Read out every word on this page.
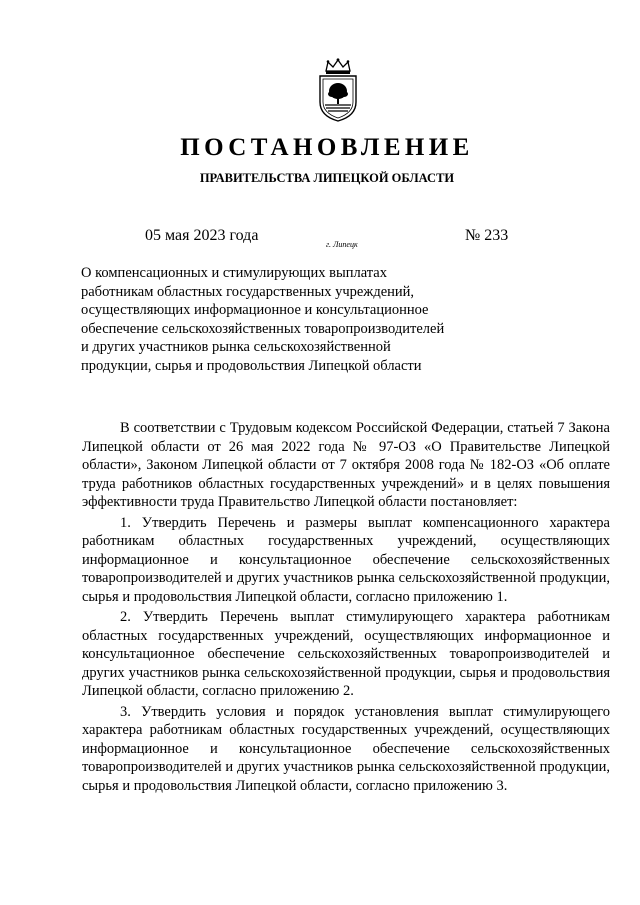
ПОСТАНОВЛЕНИЕ
ПРАВИТЕЛЬСТВА ЛИПЕЦКОЙ ОБЛАСТИ
05 мая 2023 года
г. Липецк
№ 233
О компенсационных и стимулирующих выплатах
работникам областных государственных учреждений,
осуществляющих информационное и консультационное
обеспечение сельскохозяйственных товаропроизводителей
и других участников рынка сельскохозяйственной
продукции, сырья и продовольствия Липецкой области

В соответствии с Трудовым кодексом Российской Федерации, статьей 7 Закона Липецкой области от 26 мая 2022 года № 97-ОЗ «О Правительстве Липецкой области», Законом Липецкой области от 7 октября 2008 года № 182-ОЗ «Об оплате труда работников областных государственных учреждений» и в целях повышения эффективности труда Правительство Липецкой области постановляет:

1. Утвердить Перечень и размеры выплат компенсационного характера работникам областных государственных учреждений, осуществляющих информационное и консультационное обеспечение сельскохозяйственных товаропроизводителей и других участников рынка сельскохозяйственной продукции, сырья и продовольствия Липецкой области, согласно приложению 1.

2. Утвердить Перечень выплат стимулирующего характера работникам областных государственных учреждений, осуществляющих информационное и консультационное обеспечение сельскохозяйственных товаропроизводителей и других участников рынка сельскохозяйственной продукции, сырья и продовольствия Липецкой области, согласно приложению 2.

3. Утвердить условия и порядок установления выплат стимулирующего характера работникам областных государственных учреждений, осуществляющих информационное и консультационное обеспечение сельскохозяйственных товаропроизводителей и других участников рынка сельскохозяйственной продукции, сырья и продовольствия Липецкой области, согласно приложению 3.
